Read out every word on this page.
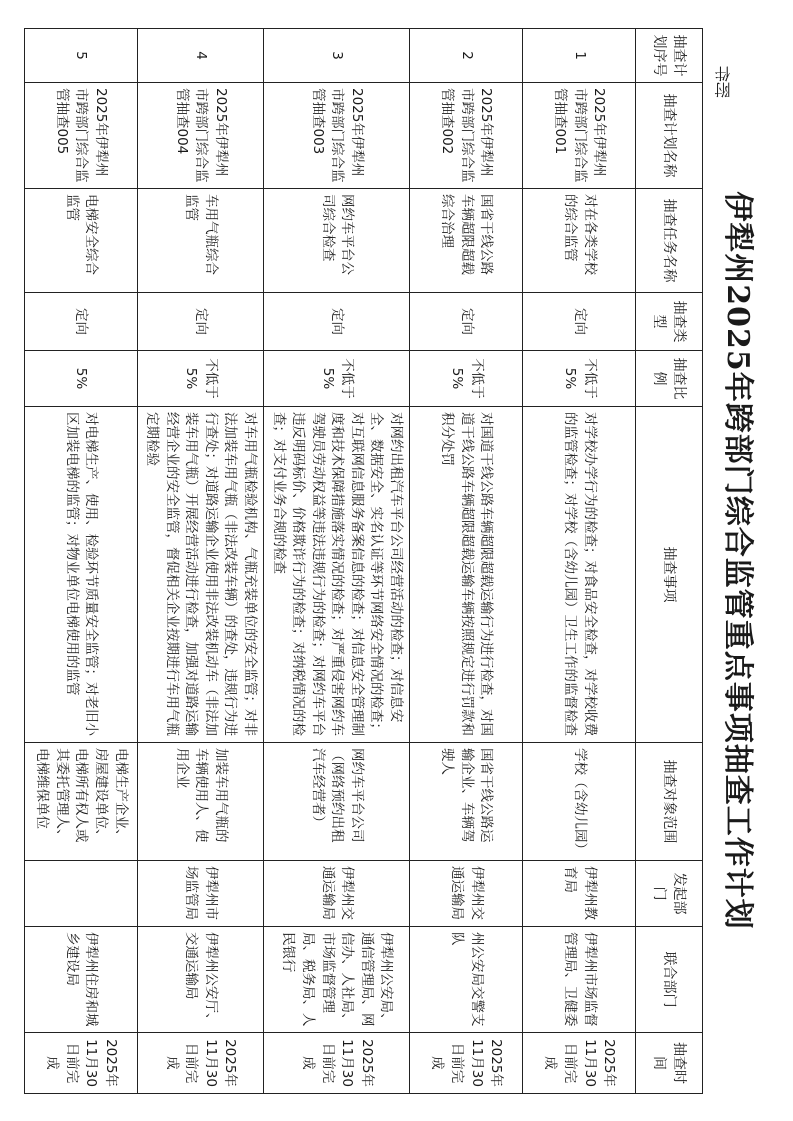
附件
伊犁州2025年跨部门综合监管重点事项抽查工作计划
抽查计划序号	抽查计划名称	抽查任务名称	抽查类型	抽查比例	抽查事项	抽查对象范围	发起部门	联合部门	抽查时间
1	2025年伊犁州市跨部门综合监管抽查001	对在各类学校的综合监管	定向	不低于5%	对学校办学行为的检查；对食品安全检查，对学校收费的监管检查；对学校（含幼儿园）卫生工作的监督检查	学校（含幼儿园）	伊犁州教育局	伊犁州市场监督管理局、卫健委	2025年11月30日前完成
2	2025年伊犁州市跨部门综合监管抽查002	国省干线公路车辆超限超载综合治理	定向	不低于5%	对国道干线公路车辆超限超载运输行为进行检查，对国道干线公路车辆超限超载运输车辆按照规定进行罚款和积分处罚	国省干线公路运输企业、车辆驾驶人	伊犁州交通运输局	州公安局交警支队	2025年11月30日前完成
3	2025年伊犁州市跨部门综合监管抽查003	网约车平台公司综合检查	定向	不低于5%	对网约出租汽车平台公司经营活动的检查；对信息安全、数据安全、实名认证等环节网络安全情况的检查；对互联网信息服务备案信息的检查；对信息安全管理制度和技术保障措施落实情况的检查；对严重侵害网约车驾驶员劳动权益等违法违规行为的检查；对网约车平台违反明码标价、价格欺诈行为的检查；对纳税情况的检查；对支付业务合规的检查	网约车平台公司（网络预约出租汽车经营者）	伊犁州交通运输局	伊犁州公安局、通信管理局、网信办、人社局、市场监督管理局、税务局、人民银行	2025年11月30日前完成
4	2025年伊犁州市跨部门综合监管抽查004	车用气瓶综合监管	定向	不低于5%	对车用气瓶检验机构、气瓶充装单位的安全监管；对非法加装车用气瓶（非法改装车辆）的查处，违规行为进行查处；对道路运输企业使用非法改装机动车（非法加装车用气瓶）开展经营活动进行检查，加强对道路运输经营企业的安全监管，督促相关企业按期进行车用气瓶定期检验	加装车用气瓶的车辆使用人、使用企业	伊犁州市场监管局	伊犁州公安厅、交通运输局	2025年11月30日前完成
5	2025年伊犁州市跨部门综合监管抽查005	电梯安全综合监管	定向	5%	对电梯生产、使用、检验环节质量安全监管；对老旧小区加装电梯的监管；对物业单位电梯使用的监管	电梯生产企业、房屋建设单位、电梯所有权人或其委托管理人、电梯维保单位		伊犁州住房和城乡建设局	2025年11月30日前完成
